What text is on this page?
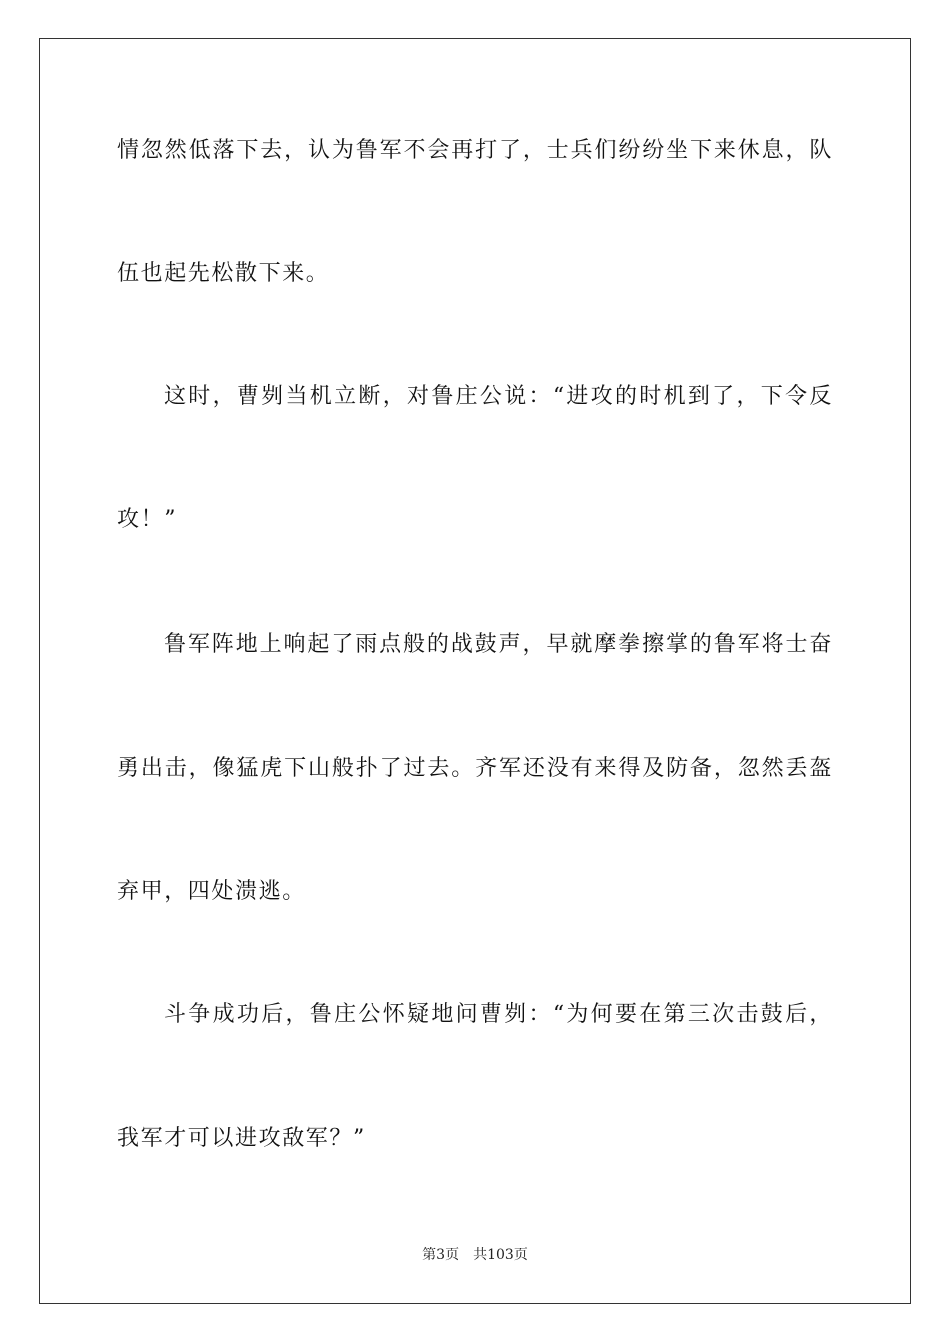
情忽然低落下去，认为鲁军不会再打了，士兵们纷纷坐下来休息，队
伍也起先松散下来。
这时，曹刿当机立断，对鲁庄公说：“进攻的时机到了，下令反
攻！”
鲁军阵地上响起了雨点般的战鼓声，早就摩拳擦掌的鲁军将士奋
勇出击，像猛虎下山般扑了过去。齐军还没有来得及防备，忽然丢盔
弃甲，四处溃逃。
斗争成功后，鲁庄公怀疑地问曹刿：“为何要在第三次击鼓后，
我军才可以进攻敌军？”
第3页 共103页
